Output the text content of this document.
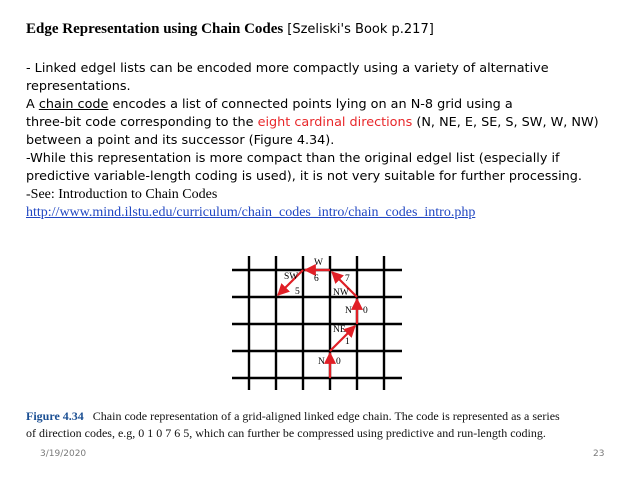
Edge Representation using Chain Codes [Szeliski's Book p.217]
- Linked edgel lists can be encoded more compactly using a variety of alternative
representations.
A chain code encodes a list of connected points lying on an N-8 grid using a
three-bit code corresponding to the eight cardinal directions (N, NE, E, SE, S, SW, W, NW)
between a point and its successor (Figure 4.34).
-While this representation is more compact than the original edgel list (especially if
predictive variable-length coding is used), it is not very suitable for further processing.
-See: Introduction to Chain Codes
http://www.mind.ilstu.edu/curriculum/chain_codes_intro/chain_codes_intro.php
W
SW 6	7
5	NW
N 0
NE
1
N 0
Figure 4.34 Chain code representation of a grid-aligned linked edge chain. The code is represented as a series
of direction codes, e.g, 0 1 0 7 6 5, which can further be compressed using predictive and run-length coding.
3/19/2020	23
